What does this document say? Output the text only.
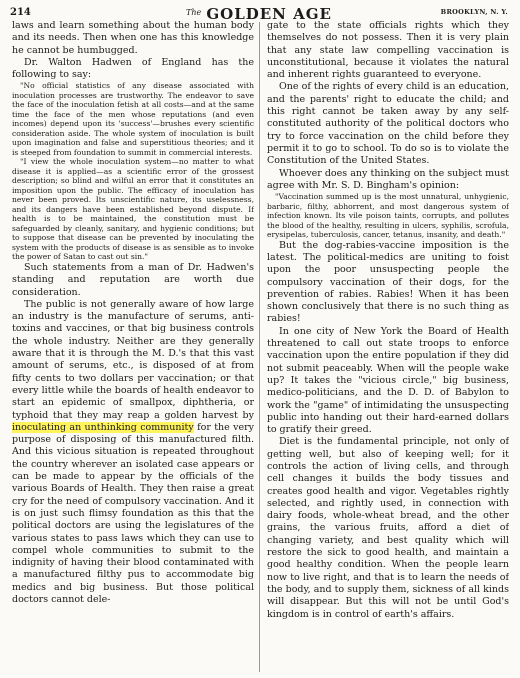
214	$^{The}$ GOLDEN AGE	BROOKLYN, N. Y.

laws and learn something about the human body and its needs. Then when one has this knowledge he cannot be humbugged.

Dr. Walton Hadwen of England has the following to say:

"No official statistics of any disease associated with inoculation processes are trustworthy. The endeavor to save the face of the inoculation fetish at all costs—and at the same time the face of the men whose reputations (and even incomes) depend upon its 'success'—brushes every scientific consideration aside. The whole system of inoculation is built upon imagination and false and superstitious theories; and it is steeped from foundation to summit in commercial interests.

"I view the whole inoculation system—no matter to what disease it is applied—as a scientific error of the grossest description; so blind and wilful an error that it constitutes an imposition upon the public. The efficacy of inoculation has never been proved. Its unscientific nature, its uselessness, and its dangers have been established beyond dispute. If health is to be maintained, the constitution must be safeguarded by cleanly, sanitary, and hygienic conditions; but to suppose that disease can be prevented by inoculating the system with the products of disease is as sensible as to invoke the power of Satan to cast out sin."

Such statements from a man of Dr. Hadwen's standing and reputation are worth due consideration.

The public is not generally aware of how large an industry is the manufacture of serums, anti-toxins and vaccines, or that big business controls the whole industry. Neither are they generally aware that it is through the M. D.'s that this vast amount of serums, etc., is disposed of at from fifty cents to two dollars per vaccination; or that every little while the boards of health endeavor to start an epidemic of smallpox, diphtheria, or typhoid that they may reap a golden harvest by inoculating an unthinking community for the very purpose of disposing of this manufactured filth. And this vicious situation is repeated throughout the country wherever an isolated case appears or can be made to appear by the officials of the various Boards of Health. They then raise a great cry for the need of compulsory vaccination. And it is on just such flimsy foundation as this that the political doctors are using the legislatures of the various states to pass laws which they can use to compel whole communities to submit to the indignity of having their blood contaminated with a manufactured filthy pus to accommodate big medics and big business. But those political doctors cannot dele-

gate to the state officials rights which they themselves do not possess. Then it is very plain that any state law compelling vaccination is unconstitutional, because it violates the natural and inherent rights guaranteed to everyone.

One of the rights of every child is an education, and the parents' right to educate the child; and this right cannot be taken away by any self-constituted authority of the political doctors who try to force vaccination on the child before they permit it to go to school. To do so is to violate the Constitution of the United States.

Whoever does any thinking on the subject must agree with Mr. S. D. Bingham's opinion:

"Vaccination summed up is the most unnatural, unhygienic, barbaric, filthy, abhorrent, and most dangerous system of infection known. Its vile poison taints, corrupts, and pollutes the blood of the healthy, resulting in ulcers, syphilis, scrofula, erysipelas, tuberculosis, cancer, tetanus, insanity, and death."

But the dog-rabies-vaccine imposition is the latest. The political-medics are uniting to foist upon the poor unsuspecting people the compulsory vaccination of their dogs, for the prevention of rabies. Rabies! When it has been shown conclusively that there is no such thing as rabies!

In one city of New York the Board of Health threatened to call out state troops to enforce vaccination upon the entire population if they did not submit peaceably. When will the people wake up? It takes the "vicious circle," big business, medico-politicians, and the D. D. of Babylon to work the "game" of intimidating the unsuspecting public into handing out their hard-earned dollars to gratify their greed.

Diet is the fundamental principle, not only of getting well, but also of keeping well; for it controls the action of living cells, and through cell changes it builds the body tissues and creates good health and vigor. Vegetables rightly selected, and rightly used, in connection with dairy foods, whole-wheat bread, and the other grains, the various fruits, afford a diet of changing variety, and best quality which will restore the sick to good health, and maintain a good healthy condition. When the people learn now to live right, and that is to learn the needs of the body, and to supply them, sickness of all kinds will disappear. But this will not be until God's kingdom is in control of earth's affairs.
